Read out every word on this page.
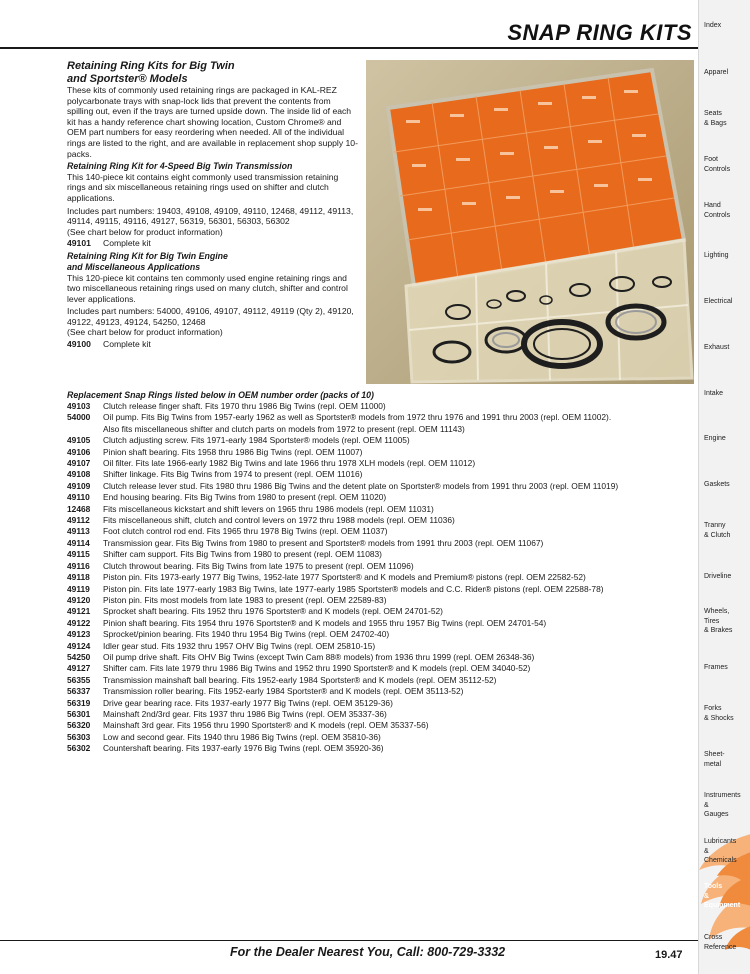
SNAP RING KITS Index
Apparel
Seats
& Bags
Foot
Controls
Hand
Controls
Lighting
Electrical
Exhaust
Intake
Engine
Gaskets
Tranny
& Clutch
Driveline
Wheels,
Tires
& Brakes
Frames
Forks
& Shocks
Sheet-
metal
Instruments
&
Gauges
Lubricants
&
Chemicals
Tools
&
Equipment
Cross
Reference
Retaining Ring Kits for Big Twin
and Sportster® Models

These kits of commonly used retaining rings are packaged in KAL-REZ polycarbonate trays with snap-lock lids that prevent the contents from spilling out, even if the trays are turned upside down. The inside lid of each kit has a handy reference chart showing location, Custom Chrome® and OEM part numbers for easy reordering when needed. All of the individual rings are listed to the right, and are available in replacement shop supply 10-packs.

Retaining Ring Kit for 4-Speed Big Twin Transmission

This 140-piece kit contains eight commonly used transmission retaining rings and six miscellaneous retaining rings used on shifter and clutch applications.

Includes part numbers: 19403, 49108, 49109, 49110, 12468, 49112, 49113, 49114, 49115, 49116, 49127, 56319, 56301, 56303, 56302

(See chart below for product information)

49101 Complete kit

Retaining Ring Kit for Big Twin Engine
and Miscellaneous Applications

This 120-piece kit contains ten commonly used engine retaining rings and two miscellaneous retaining rings used on many clutch, shifter and control lever applications.

Includes part numbers: 54000, 49106, 49107, 49112, 49119 (Qty 2), 49120, 49122, 49123, 49124, 54250, 12468

(See chart below for product information)

49100 Complete kit

Replacement Snap Rings listed below in OEM number order (packs of 10)
49103	Clutch release finger shaft. Fits 1970 thru 1986 Big Twins (repl. OEM 11000)
54000	Oil pump. Fits Big Twins from 1957-early 1962 as well as Sportster® models from 1972 thru 1976 and 1991 thru 2003 (repl. OEM 11002).
Also fits miscellaneous shifter and clutch parts on models from 1972 to present (repl. OEM 11143)
49105	Clutch adjusting screw. Fits 1971-early 1984 Sportster® models (repl. OEM 11005)
49106	Pinion shaft bearing. Fits 1958 thru 1986 Big Twins (repl. OEM 11007)
49107	Oil filter. Fits late 1966-early 1982 Big Twins and late 1966 thru 1978 XLH models (repl. OEM 11012)
49108	Shifter linkage. Fits Big Twins from 1974 to present (repl. OEM 11016)
49109	Clutch release lever stud. Fits 1980 thru 1986 Big Twins and the detent plate on Sportster® models from 1991 thru 2003 (repl. OEM 11019)
49110	End housing bearing. Fits Big Twins from 1980 to present (repl. OEM 11020)
12468	Fits miscellaneous kickstart and shift levers on 1965 thru 1986 models (repl. OEM 11031)
49112	Fits miscellaneous shift, clutch and control levers on 1972 thru 1988 models (repl. OEM 11036)
49113	Foot clutch control rod end. Fits 1965 thru 1978 Big Twins (repl. OEM 11037)
49114	Transmission gear. Fits Big Twins from 1980 to present and Sportster® models from 1991 thru 2003 (repl. OEM 11067)
49115	Shifter cam support. Fits Big Twins from 1980 to present (repl. OEM 11083)
49116	Clutch throwout bearing. Fits Big Twins from late 1975 to present (repl. OEM 11096)
49118	Piston pin. Fits 1973-early 1977 Big Twins, 1952-late 1977 Sportster® and K models and Premium® pistons (repl. OEM 22582-52)
49119	Piston pin. Fits late 1977-early 1983 Big Twins, late 1977-early 1985 Sportster® models and C.C. Rider® pistons (repl. OEM 22588-78)
49120	Piston pin. Fits most models from late 1983 to present (repl. OEM 22589-83)
49121	Sprocket shaft bearing. Fits 1952 thru 1976 Sportster® and K models (repl. OEM 24701-52)
49122	Pinion shaft bearing. Fits 1954 thru 1976 Sportster® and K models and 1955 thru 1957 Big Twins (repl. OEM 24701-54)
49123	Sprocket/pinion bearing. Fits 1940 thru 1954 Big Twins (repl. OEM 24702-40)
49124	Idler gear stud. Fits 1932 thru 1957 OHV Big Twins (repl. OEM 25810-15)
54250	Oil pump drive shaft. Fits OHV Big Twins (except Twin Cam 88® models) from 1936 thru 1999 (repl. OEM 26348-36)
49127	Shifter cam. Fits late 1979 thru 1986 Big Twins and 1952 thru 1990 Sportster® and K models (repl. OEM 34040-52)
56355	Transmission mainshaft ball bearing. Fits 1952-early 1984 Sportster® and K models (repl. OEM 35112-52)
56337	Transmission roller bearing. Fits 1952-early 1984 Sportster® and K models (repl. OEM 35113-52)
56319	Drive gear bearing race. Fits 1937-early 1977 Big Twins (repl. OEM 35129-36)
56301	Mainshaft 2nd/3rd gear. Fits 1937 thru 1986 Big Twins (repl. OEM 35337-36)
56320	Mainshaft 3rd gear. Fits 1956 thru 1990 Sportster® and K models (repl. OEM 35337-56)
56303	Low and second gear. Fits 1940 thru 1986 Big Twins (repl. OEM 35810-36)
56302	Countershaft bearing. Fits 1937-early 1976 Big Twins (repl. OEM 35920-36)
For the Dealer Nearest You, Call: 800-729-3332	19.47
